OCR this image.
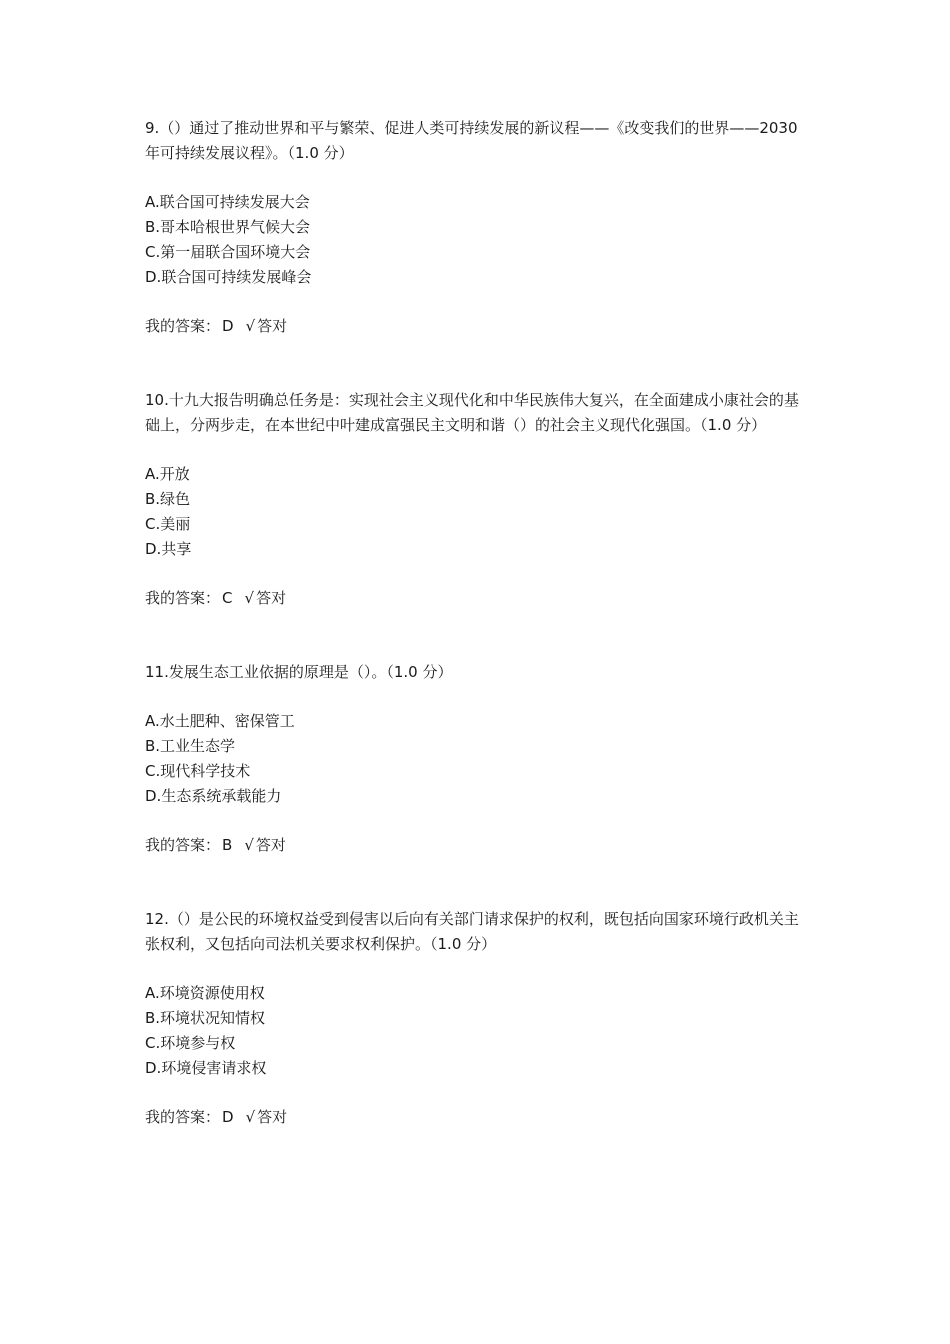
9.（）通过了推动世界和平与繁荣、促进人类可持续发展的新议程——《改变我们的世界——2030 年可持续发展议程》。（1.0 分）

A.联合国可持续发展大会
B.哥本哈根世界气候大会
C.第一届联合国环境大会
D.联合国可持续发展峰会

我的答案： D √ 答对

10.十九大报告明确总任务是：实现社会主义现代化和中华民族伟大复兴，在全面建成小康社会的基础上，分两步走，在本世纪中叶建成富强民主文明和谐（）的社会主义现代化强国。（1.0 分）

A.开放
B.绿色
C.美丽
D.共享

我的答案： C √ 答对

11.发展生态工业依据的原理是（）。（1.0 分）

A.水土肥种、密保管工
B.工业生态学
C.现代科学技术
D.生态系统承载能力

我的答案： B √ 答对

12.（）是公民的环境权益受到侵害以后向有关部门请求保护的权利，既包括向国家环境行政机关主张权利，又包括向司法机关要求权利保护。（1.0 分）

A.环境资源使用权
B.环境状况知情权
C.环境参与权
D.环境侵害请求权

我的答案： D √ 答对
